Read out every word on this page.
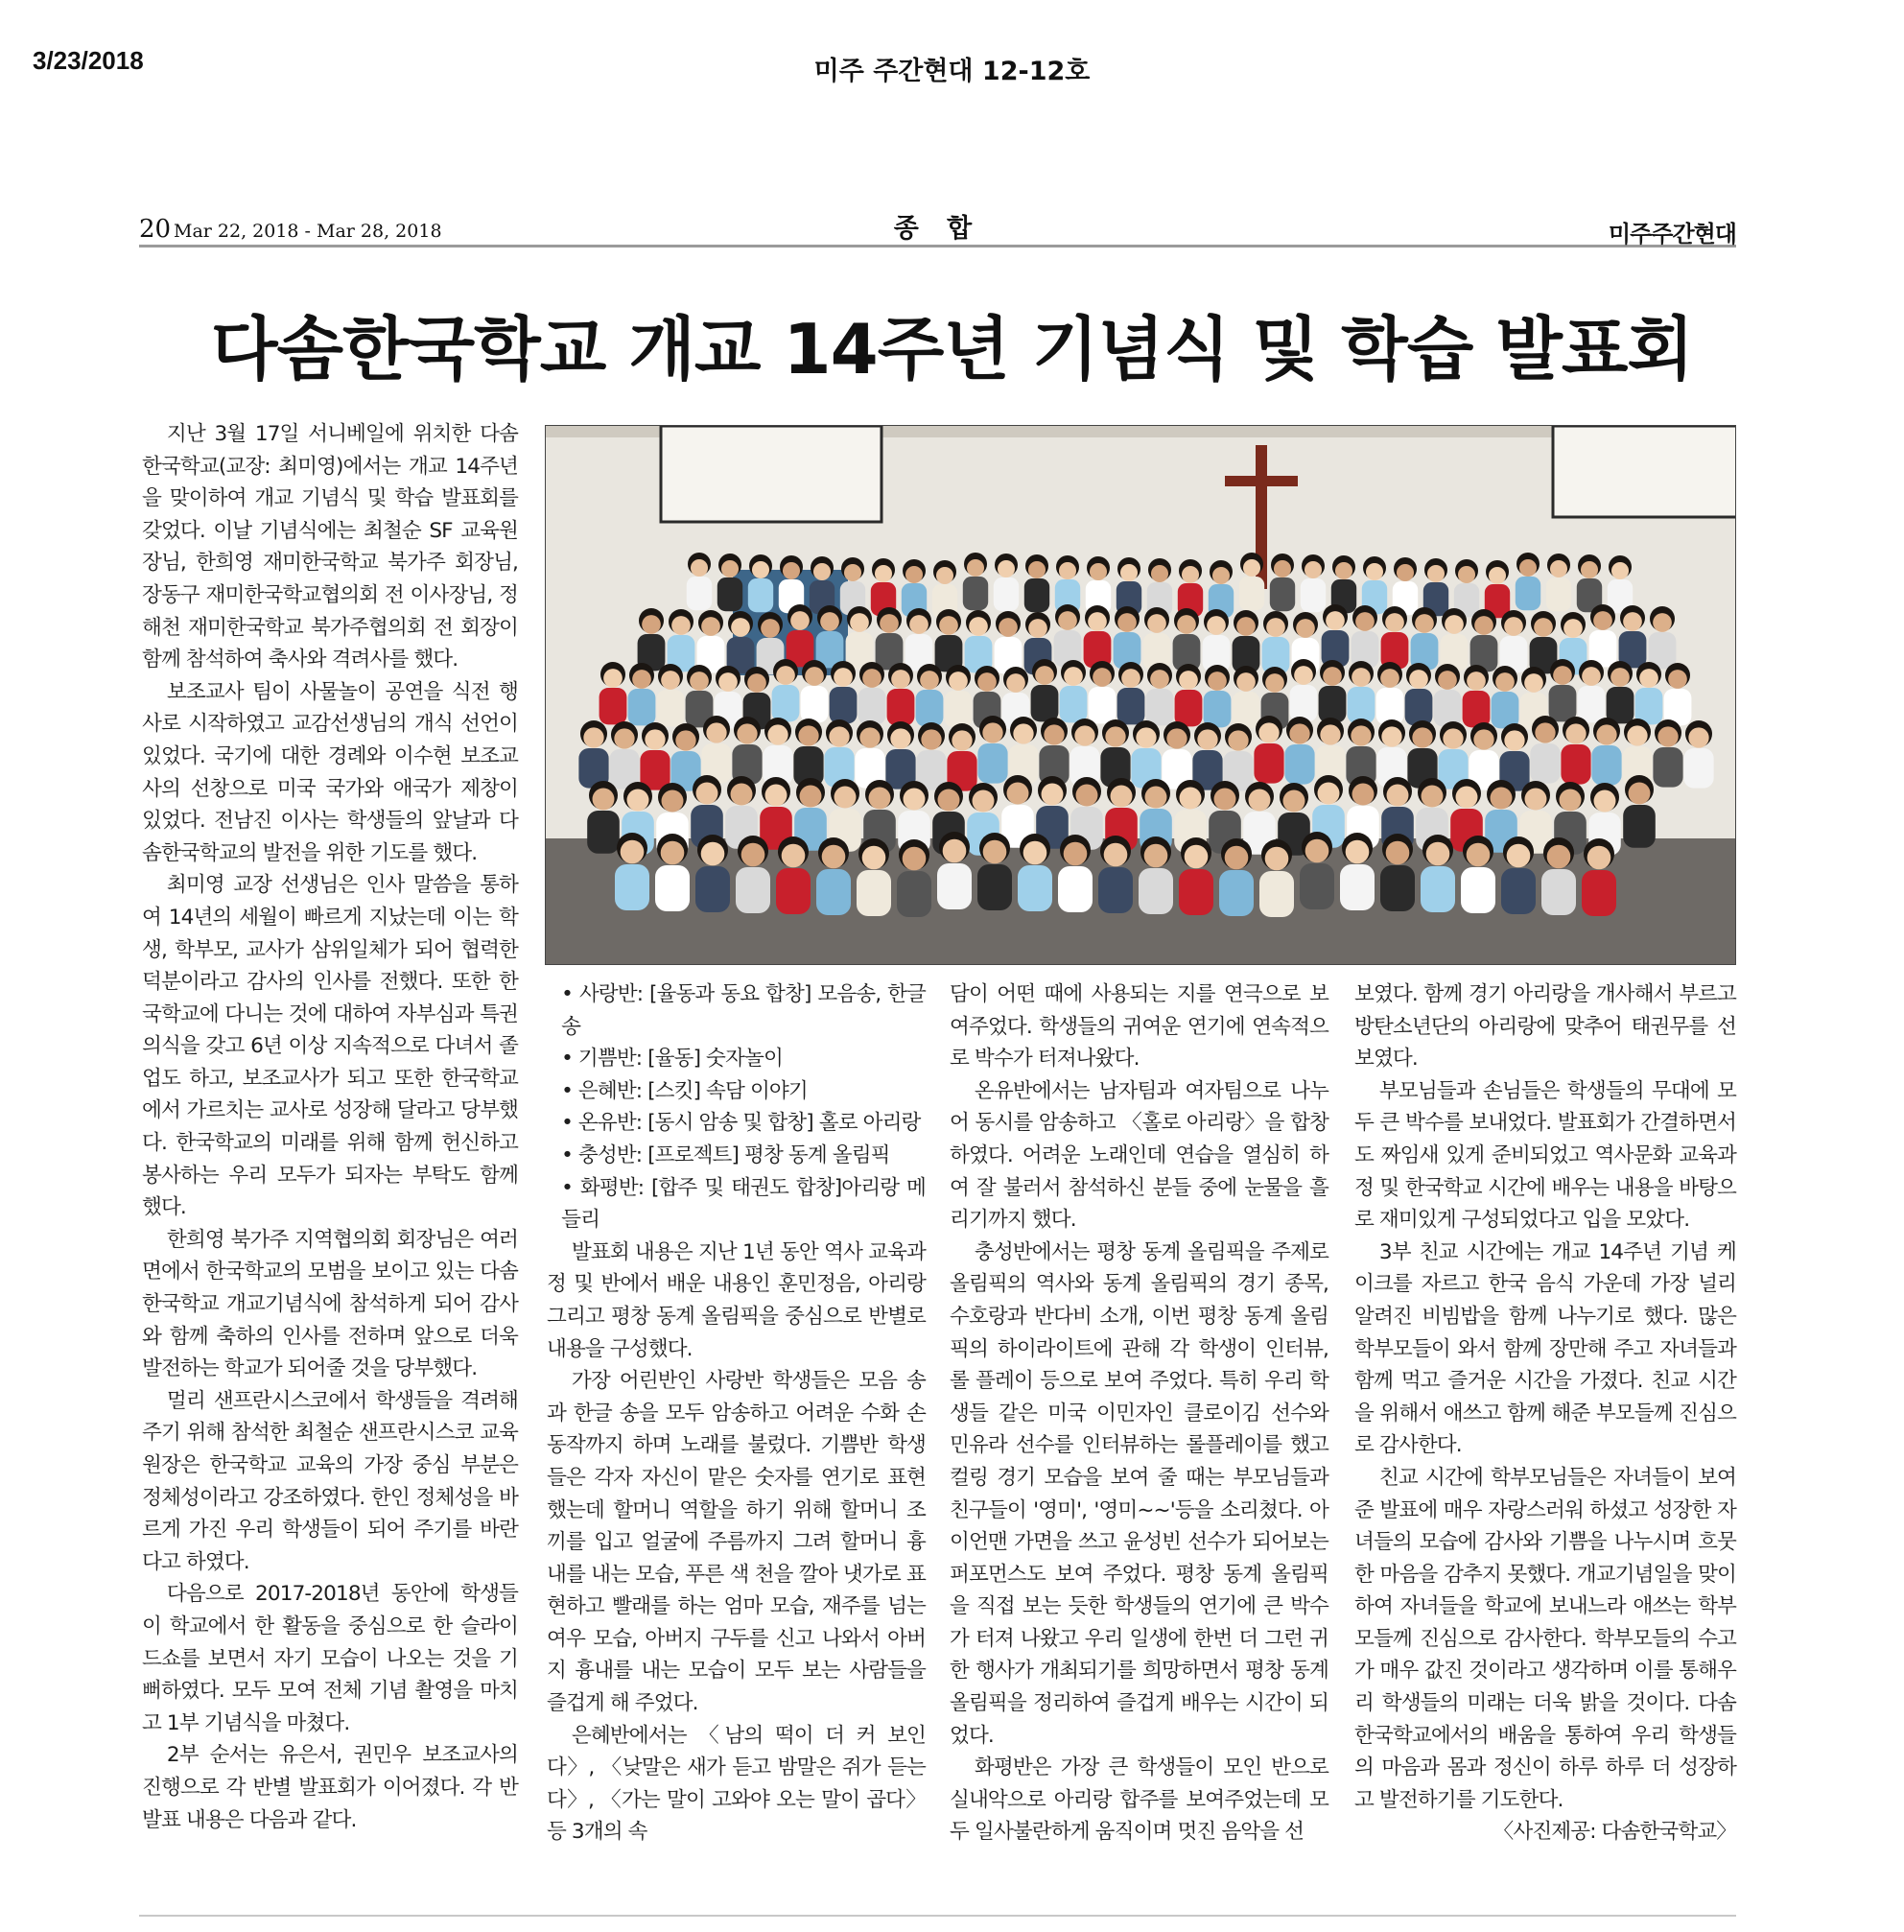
3/23/2018	미주 주간현대 12-12호
20 Mar 22, 2018 - Mar 28, 2018	종 합	미주주간현대
다솜한국학교 개교 14주년 기념식 및 학습 발표회

지난 3월 17일 서니베일에 위치한 다솜한국학교(교장: 최미영)에서는 개교 14주년을 맞이하여 개교 기념식 및 학습 발표회를 갖었다. 이날 기념식에는 최철순 SF 교육원장님, 한희영 재미한국학교 북가주 회장님, 장동구 재미한국학교협의회 전 이사장님, 정해천 재미한국학교 북가주협의회 전 회장이 함께 참석하여 축사와 격려사를 했다.

보조교사 팀이 사물놀이 공연을 식전 행사로 시작하였고 교감선생님의 개식 선언이 있었다. 국기에 대한 경례와 이수현 보조교사의 선창으로 미국 국가와 애국가 제창이 있었다. 전남진 이사는 학생들의 앞날과 다솜한국학교의 발전을 위한 기도를 했다.

최미영 교장 선생님은 인사 말씀을 통하여 14년의 세월이 빠르게 지났는데 이는 학생, 학부모, 교사가 삼위일체가 되어 협력한 덕분이라고 감사의 인사를 전했다. 또한 한국학교에 다니는 것에 대하여 자부심과 특권의식을 갖고 6년 이상 지속적으로 다녀서 졸업도 하고, 보조교사가 되고 또한 한국학교에서 가르치는 교사로 성장해 달라고 당부했다. 한국학교의 미래를 위해 함께 헌신하고 봉사하는 우리 모두가 되자는 부탁도 함께 했다.

한희영 북가주 지역협의회 회장님은 여러 면에서 한국학교의 모범을 보이고 있는 다솜한국학교 개교기념식에 참석하게 되어 감사와 함께 축하의 인사를 전하며 앞으로 더욱 발전하는 학교가 되어줄 것을 당부했다.

멀리 샌프란시스코에서 학생들을 격려해 주기 위해 참석한 최철순 샌프란시스코 교육원장은 한국학교 교육의 가장 중심 부분은 정체성이라고 강조하였다. 한인 정체성을 바르게 가진 우리 학생들이 되어 주기를 바란다고 하였다.

다음으로 2017-2018년 동안에 학생들이 학교에서 한 활동을 중심으로 한 슬라이드쇼를 보면서 자기 모습이 나오는 것을 기뻐하였다. 모두 모여 전체 기념 촬영을 마치고 1부 기념식을 마쳤다.

2부 순서는 유은서, 권민우 보조교사의 진행으로 각 반별 발표회가 이어졌다. 각 반 발표 내용은 다음과 같다.

• 사랑반: [율동과 동요 합창] 모음송, 한글송

• 기쁨반: [율동] 숫자놀이

• 은혜반: [스킷] 속담 이야기

• 온유반: [동시 암송 및 합창] 홀로 아리랑

• 충성반: [프로젝트] 평창 동계 올림픽

• 화평반: [합주 및 태권도 합창]아리랑 메들리

발표회 내용은 지난 1년 동안 역사 교육과정 및 반에서 배운 내용인 훈민정음, 아리랑 그리고 평창 동계 올림픽을 중심으로 반별로 내용을 구성했다.

가장 어린반인 사랑반 학생들은 모음 송과 한글 송을 모두 암송하고 어려운 수화 손동작까지 하며 노래를 불렀다. 기쁨반 학생들은 각자 자신이 맡은 숫자를 연기로 표현했는데 할머니 역할을 하기 위해 할머니 조끼를 입고 얼굴에 주름까지 그려 할머니 흉내를 내는 모습, 푸른 색 천을 깔아 냇가로 표현하고 빨래를 하는 엄마 모습, 재주를 넘는 여우 모습, 아버지 구두를 신고 나와서 아버지 흉내를 내는 모습이 모두 보는 사람들을 즐겁게 해 주었다.

은혜반에서는 〈남의 떡이 더 커 보인다〉, 〈낮말은 새가 듣고 밤말은 쥐가 듣는다〉, 〈가는 말이 고와야 오는 말이 곱다〉 등 3개의 속

담이 어떤 때에 사용되는 지를 연극으로 보여주었다. 학생들의 귀여운 연기에 연속적으로 박수가 터져나왔다.

온유반에서는 남자팀과 여자팀으로 나누어 동시를 암송하고 〈홀로 아리랑〉을 합창하였다. 어려운 노래인데 연습을 열심히 하여 잘 불러서 참석하신 분들 중에 눈물을 흘리기까지 했다.

충성반에서는 평창 동계 올림픽을 주제로 올림픽의 역사와 동계 올림픽의 경기 종목, 수호랑과 반다비 소개, 이번 평창 동계 올림픽의 하이라이트에 관해 각 학생이 인터뷰, 롤 플레이 등으로 보여 주었다. 특히 우리 학생들 같은 미국 이민자인 클로이김 선수와 민유라 선수를 인터뷰하는 롤플레이를 했고 컬링 경기 모습을 보여 줄 때는 부모님들과 친구들이 '영미', '영미~~'등을 소리쳤다. 아이언맨 가면을 쓰고 윤성빈 선수가 되어보는 퍼포먼스도 보여 주었다. 평창 동계 올림픽을 직접 보는 듯한 학생들의 연기에 큰 박수가 터져 나왔고 우리 일생에 한번 더 그런 귀한 행사가 개최되기를 희망하면서 평창 동계 올림픽을 정리하여 즐겁게 배우는 시간이 되었다.

화평반은 가장 큰 학생들이 모인 반으로 실내악으로 아리랑 합주를 보여주었는데 모두 일사불란하게 움직이며 멋진 음악을 선

보였다. 함께 경기 아리랑을 개사해서 부르고 방탄소년단의 아리랑에 맞추어 태권무를 선보였다.

부모님들과 손님들은 학생들의 무대에 모두 큰 박수를 보내었다. 발표회가 간결하면서도 짜임새 있게 준비되었고 역사문화 교육과정 및 한국학교 시간에 배우는 내용을 바탕으로 재미있게 구성되었다고 입을 모았다.

3부 친교 시간에는 개교 14주년 기념 케이크를 자르고 한국 음식 가운데 가장 널리 알려진 비빔밥을 함께 나누기로 했다. 많은 학부모들이 와서 함께 장만해 주고 자녀들과 함께 먹고 즐거운 시간을 가졌다. 친교 시간을 위해서 애쓰고 함께 해준 부모들께 진심으로 감사한다.

친교 시간에 학부모님들은 자녀들이 보여준 발표에 매우 자랑스러워 하셨고 성장한 자녀들의 모습에 감사와 기쁨을 나누시며 흐뭇한 마음을 감추지 못했다. 개교기념일을 맞이하여 자녀들을 학교에 보내느라 애쓰는 학부모들께 진심으로 감사한다. 학부모들의 수고가 매우 값진 것이라고 생각하며 이를 통해우리 학생들의 미래는 더욱 밝을 것이다. 다솜한국학교에서의 배움을 통하여 우리 학생들의 마음과 몸과 정신이 하루 하루 더 성장하고 발전하기를 기도한다.

〈사진제공: 다솜한국학교〉
